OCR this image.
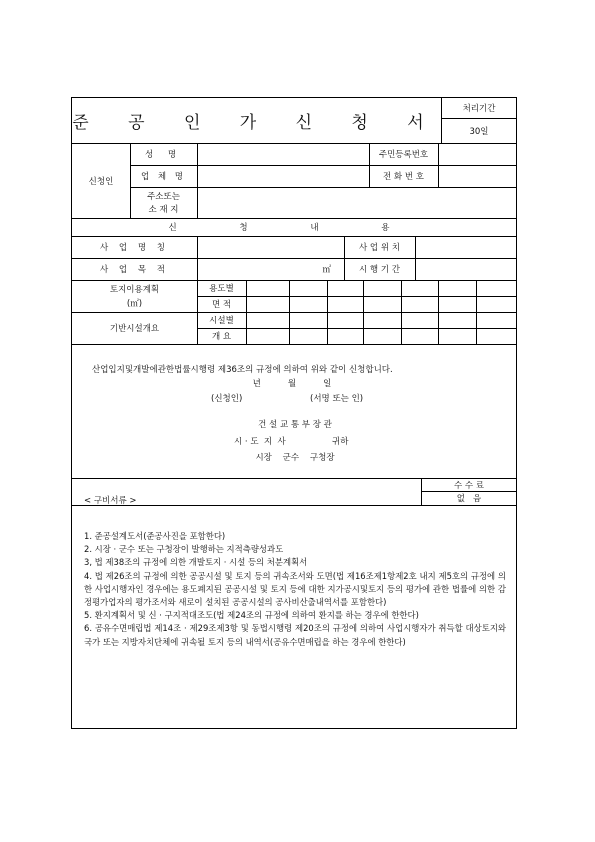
준 공 인 가 신 청 서
처리기간
30일
신청인
성 명	주민등록번호
업 체 명	전 화 번 호
주소또는
소 재 지
신 청 내 용
사 업 명 칭	사 업 위 치
사 업 목 적	㎡	시 행 기 간
토지이용계획
(㎡)
용도별
면 적
기반시설개요
시설별
개 요
산업입지및개발에관한법률시행령 제36조의 규정에 의하여 위와 같이 신청합니다.
년          월          일
(신청인)	(서명 또는 인)
건 설 교 통 부 장 관
시 · 도  지  사	귀하
시장    군수    구청장
수 수 료
없   음
< 구비서류 >

1. 준공설계도서(준공사진을 포함한다)

2. 시장 · 군수 또는 구청장이 발행하는 지적측량성과도

3, 법 제38조의 규정에 의한 개발토지 · 시설 등의 처분계획서

4. 법 제26조의 규정에 의한 공공시설 및 토지 등의 귀속조서와 도면(법 제16조제1항제2호 내지 제5호의 규정에 의한 사업시행자인 경우에는 용도폐지된 공공시설 및 토지 등에 대한 지가공시및토지 등의 평가에 관한 법률에 의한 감정평가업자의 평가조서와 새로이 설치된 공공시설의 공사비산출내역서를 포함한다)

5. 환지계획서 및 신 · 구지적대조도(법 제24조의 규정에 의하여 환지를 하는 경우에 한한다)

6. 공유수면매립법 제14조 · 제29조제3항 및 동법시행령 제20조의 규정에 의하여 사업시행자가 취득할 대상토지와 국가 또는 지방자치단체에 귀속될 토지 등의 내역서(공유수면매립을 하는 경우에 한한다)
